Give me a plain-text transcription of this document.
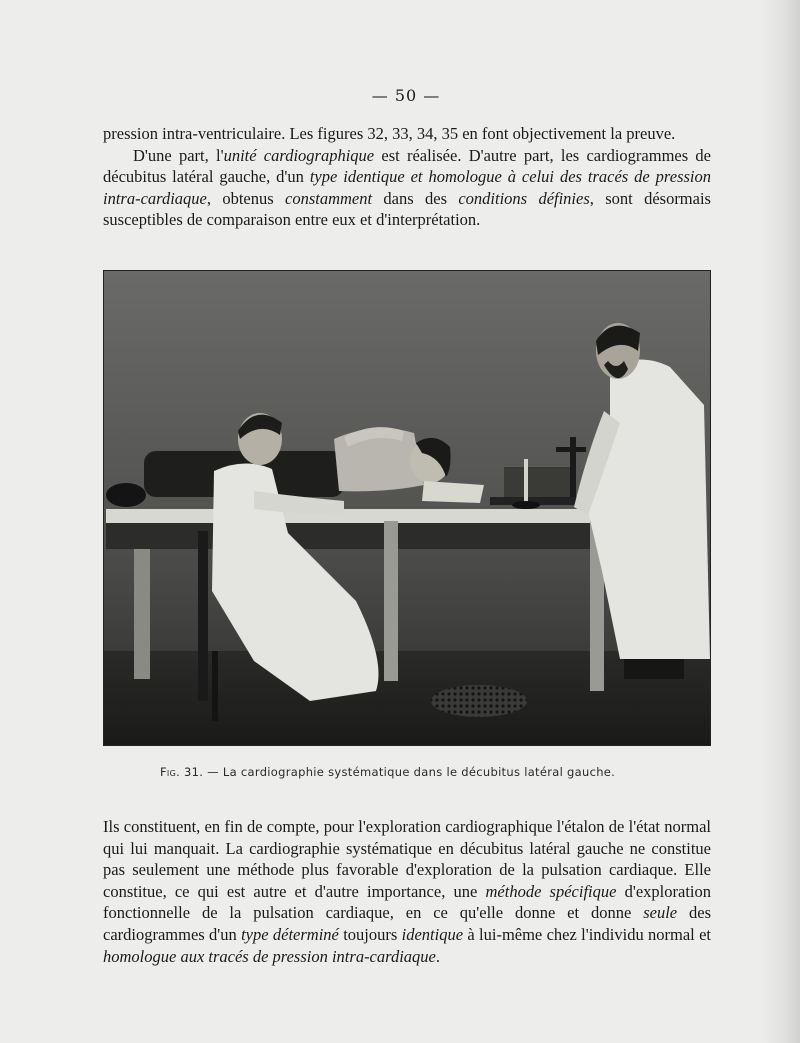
— 50 —

pression intra-ventriculaire. Les figures 32, 33, 34, 35 en font objectivement la preuve.
D'une part, l'unité cardiographique est réalisée. D'autre part, les cardiogrammes de décubitus latéral gauche, d'un type identique et homologue à celui des tracés de pression intra-cardiaque, obtenus constamment dans des conditions définies, sont désormais susceptibles de comparaison entre eux et d'interprétation.

Fig. 31. — La cardiographie systématique dans le décubitus latéral gauche.

Ils constituent, en fin de compte, pour l'exploration cardiographique l'étalon de l'état normal qui lui manquait. La cardiographie systématique en décubitus latéral gauche ne constitue pas seulement une méthode plus favorable d'exploration de la pulsation cardiaque. Elle constitue, ce qui est autre et d'autre importance, une méthode spécifique d'exploration fonctionnelle de la pulsation cardiaque, en ce qu'elle donne et donne seule des cardiogrammes d'un type déterminé toujours identique à lui-même chez l'individu normal et homologue aux tracés de pression intra-cardiaque.
